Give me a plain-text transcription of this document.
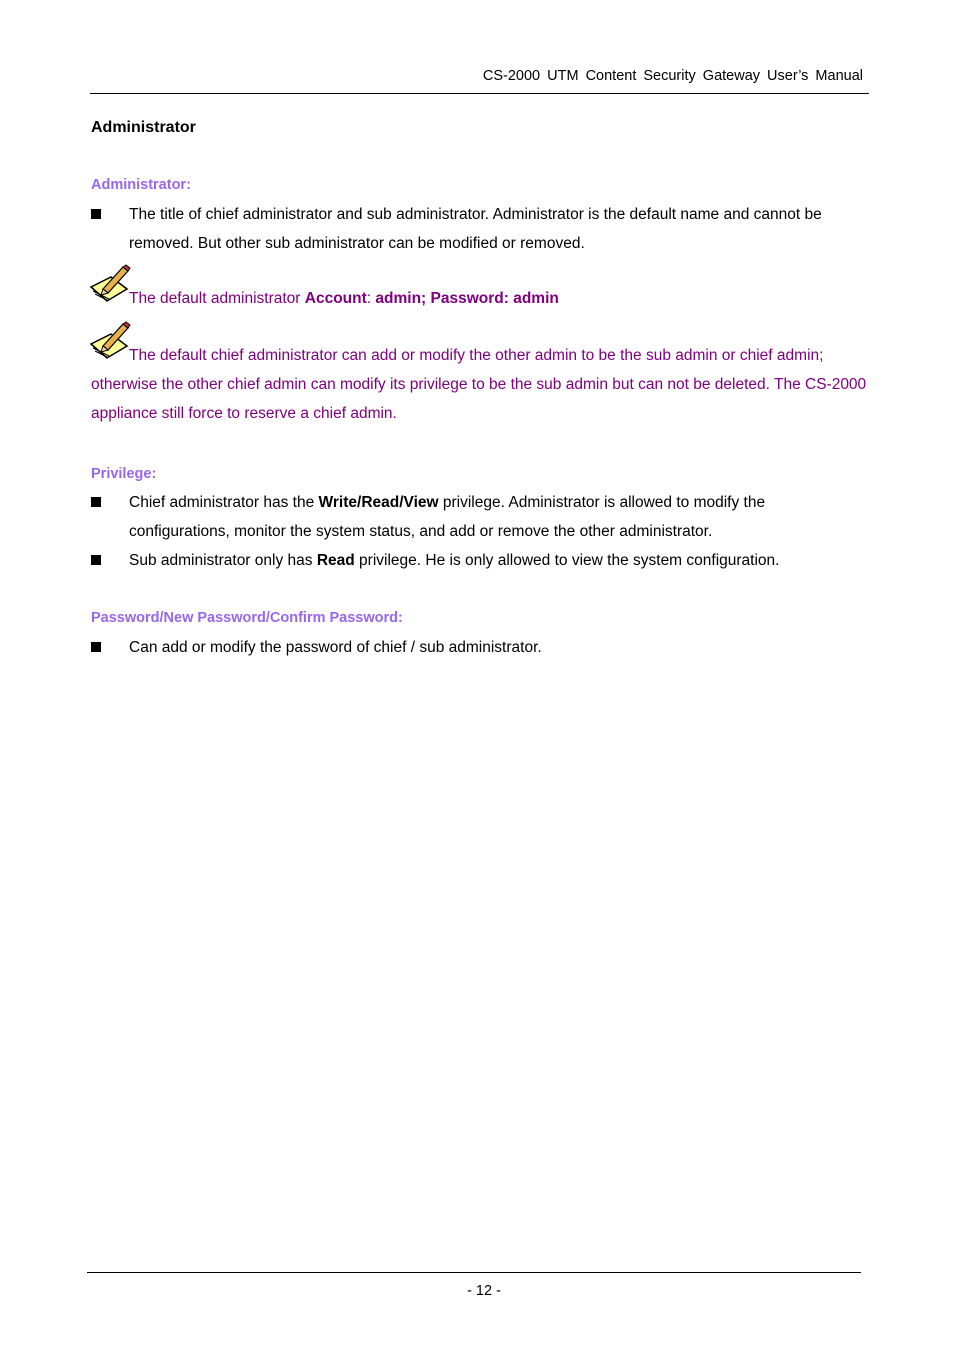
CS-2000 UTM Content Security Gateway User’s Manual
Administrator
Administrator:
The title of chief administrator and sub administrator. Administrator is the default name and cannot be removed. But other sub administrator can be modified or removed.
The default administrator Account: admin; Password: admin
The default chief administrator can add or modify the other admin to be the sub admin or chief admin; otherwise the other chief admin can modify its privilege to be the sub admin but can not be deleted. The CS-2000 appliance still force to reserve a chief admin.
Privilege:
Chief administrator has the Write/Read/View privilege. Administrator is allowed to modify the configurations, monitor the system status, and add or remove the other administrator.
Sub administrator only has Read privilege. He is only allowed to view the system configuration.
Password/New Password/Confirm Password:
Can add or modify the password of chief / sub administrator.
- 12 -
